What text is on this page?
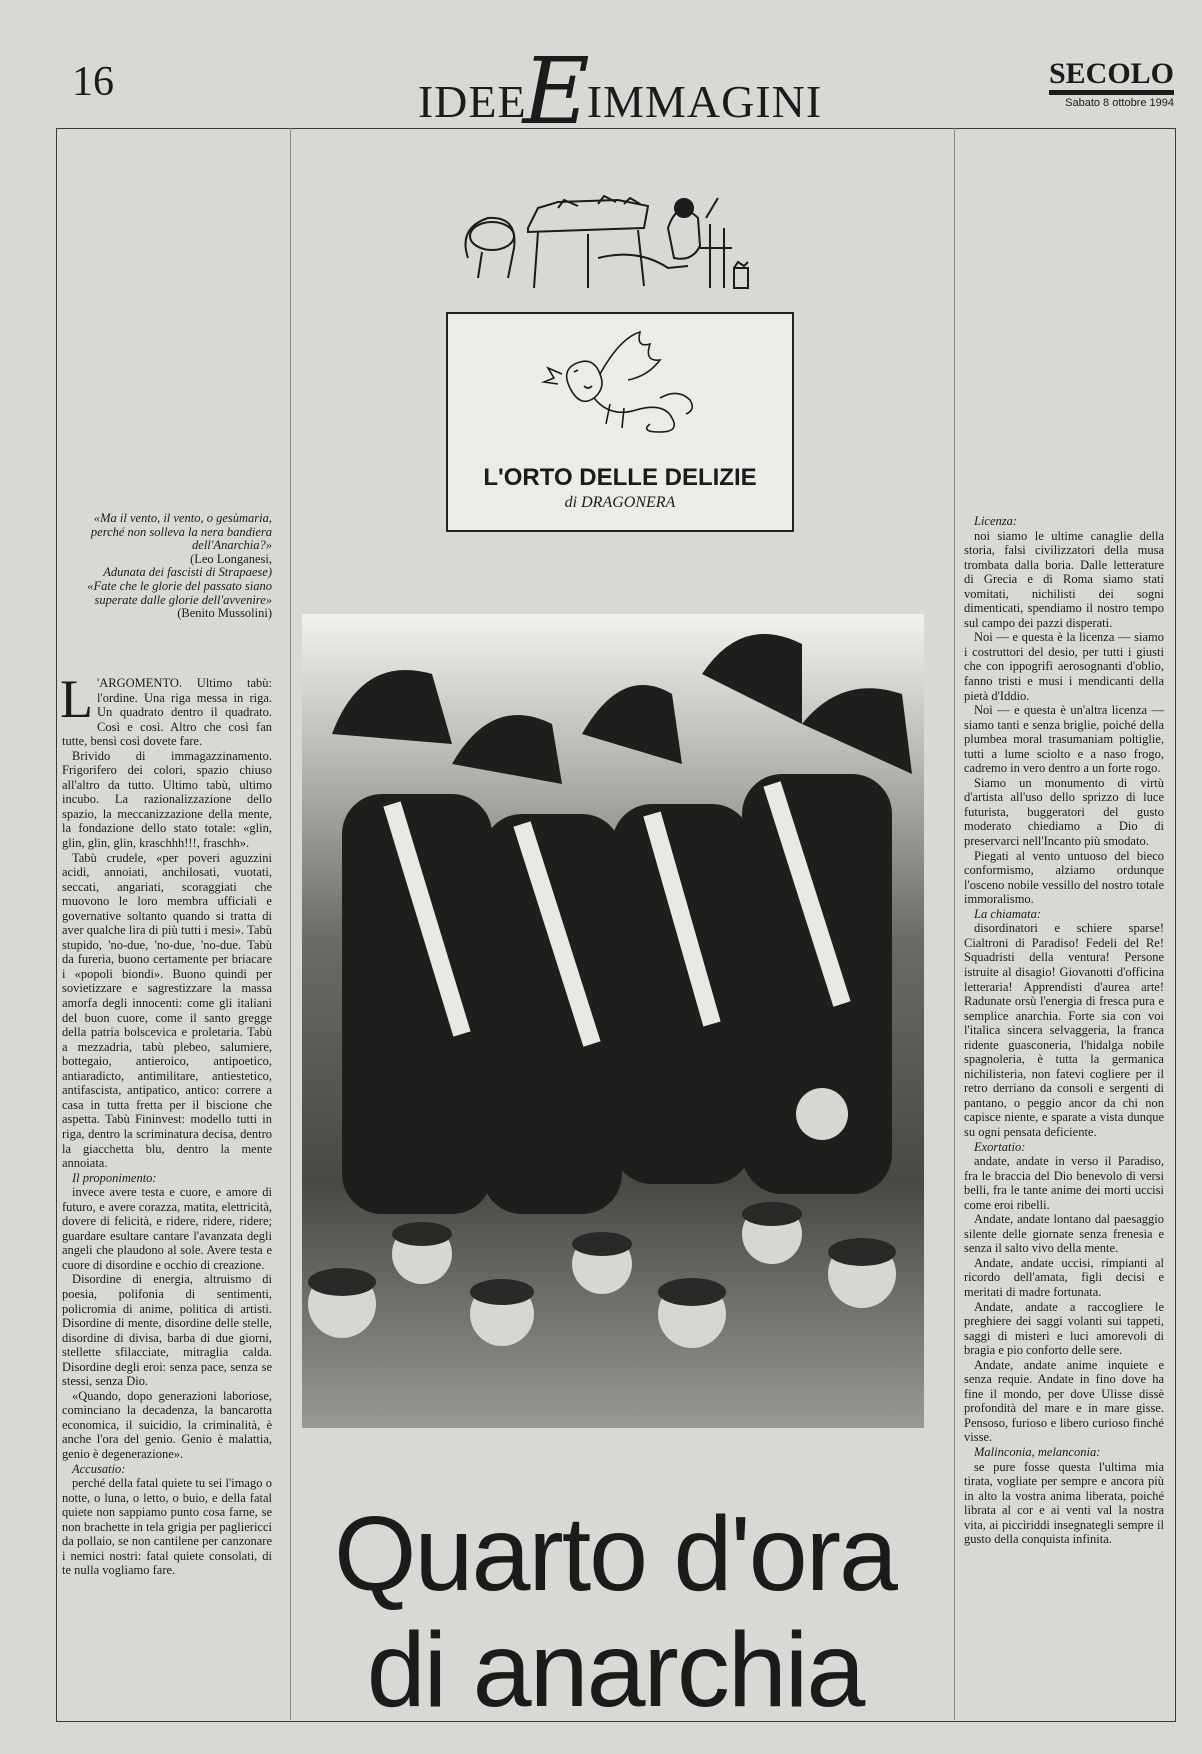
16	IDEEEIMMAGINI
SECOLO
Sabato 8 ottobre 1994
L'ORTO DELLE DELIZIE
di DRAGONERA
«Ma il vento, il vento, o gesùmaria, perché non solleva la nera bandiera dell'Anarchia?»
(Leo Longanesi,
Adunata dei fascisti di Strapaese)
«Fate che le glorie del passato siano superate dalle glorie dell'avvenire»
(Benito Mussolini)

L 'ARGOMENTO. Ultimo tabù: l'ordine. Una riga messa in riga. Un quadrato dentro il quadrato. Così e così. Altro che così fan tutte, bensì così dovete fare.

Brivido di immagazzinamento. Frigorifero dei colori, spazio chiuso all'altro da tutto. Ultimo tabù, ultimo incubo. La razionalizzazione dello spazio, la meccanizzazione della mente, la fondazione dello stato totale: «glin, glin, glin, glin, kraschhh!!!, fraschh».

Tabù crudele, «per poveri aguzzini acidi, annoiati, anchilosati, vuotati, seccati, angariati, scoraggiati che muovono le loro membra ufficiali e governative soltanto quando si tratta di aver qualche lira di più tutti i mesi». Tabù stupido, 'no-due, 'no-due, 'no-due. Tabù da fureria, buono certamente per briacare i «popoli biondi». Buono quindi per sovietizzare e sagrestizzare la massa amorfa degli innocenti: come gli italiani del buon cuore, come il santo gregge della patria bolscevica e proletaria. Tabù a mezzadria, tabù plebeo, salumiere, bottegaio, antieroico, antipoetico, antiaradicto, antimilitare, antiestetico, antifascista, antipatico, antico: correre a casa in tutta fretta per il biscione che aspetta. Tabù Fininvest: modello tutti in riga, dentro la scriminatura decisa, dentro la giacchetta blu, dentro la mente annoiata.

Il proponimento:

invece avere testa e cuore, e amore di futuro, e avere corazza, matita, elettricità, dovere di felicità, e ridere, ridere, ridere; guardare esultare cantare l'avanzata degli angeli che plaudono al sole. Avere testa e cuore di disordine e occhio di creazione.

Disordine di energia, altruismo di poesia, polifonia di sentimenti, policromia di anime, politica di artisti. Disordine di mente, disordine delle stelle, disordine di divisa, barba di due giorni, stellette sfilacciate, mitraglia calda. Disordine degli eroi: senza pace, senza se stessi, senza Dio.

«Quando, dopo generazioni laboriose, cominciano la decadenza, la bancarotta economica, il suicidio, la criminalità, è anche l'ora del genio. Genio è malattia, genio è degenerazione».

Accusatio:

perché della fatal quiete tu sei l'imago o notte, o luna, o letto, o buio, e della fatal quiete non sappiamo punto cosa farne, se non brachette in tela grigia per pagliericci da pollaio, se non cantilene per canzonare i nemici nostri: fatal quiete consolati, di te nulla vogliamo fare.

Licenza:

noi siamo le ultime canaglie della storia, falsi civilizzatori della musa trombata dalla boria. Dalle letterature di Grecia e di Roma siamo stati vomitati, nichilisti dei sogni dimenticati, spendiamo il nostro tempo sul campo dei pazzi disperati.

Noi — e questa è la licenza — siamo i costruttori del desio, per tutti i giusti che con ippogrifi aerosognanti d'oblio, fanno tristi e musi i mendicanti della pietà d'Iddio.

Noi — e questa è un'altra licenza — siamo tanti e senza briglie, poiché della plumbea moral trasumaniam poltiglie, tutti a lume sciolto e a naso frogo, cadremo in vero dentro a un forte rogo.

Siamo un monumento di virtù d'artista all'uso dello sprizzo di luce futurista, buggeratori del gusto moderato chiediamo a Dio di preservarci nell'Incanto più smodato.

Piegati al vento untuoso del bieco conformismo, alziamo ordunque l'osceno nobile vessillo del nostro totale immoralismo.

La chiamata:

disordinatori e schiere sparse! Cialtroni di Paradiso! Fedeli del Re! Squadristi della ventura! Persone istruite al disagio! Giovanotti d'officina letteraria! Apprendisti d'aurea arte! Radunate orsù l'energia di fresca pura e semplice anarchia. Forte sia con voi l'italica sincera selvaggeria, la franca ridente guasconeria, l'hidalga nobile spagnoleria, è tutta la germanica nichilisteria, non fatevi cogliere per il retro derriano da consoli e sergenti di pantano, o peggio ancor da chi non capisce niente, e sparate a vista dunque su ogni pensata deficiente.

Exortatio:

andate, andate in verso il Paradiso, fra le braccia del Dio benevolo di versi belli, fra le tante anime dei morti uccisi come eroi ribelli.

Andate, andate lontano dal paesaggio silente delle giornate senza frenesia e senza il salto vivo della mente.

Andate, andate uccisi, rimpianti al ricordo dell'amata, figli decisi e meritati di madre fortunata.

Andate, andate a raccogliere le preghiere dei saggi volanti sui tappeti, saggi di misteri e luci amorevoli di bragia e pio conforto delle sere.

Andate, andate anime inquiete e senza requie. Andate in fino dove ha fine il mondo, per dove Ulisse dissè profondità del mare e in mare gisse. Pensoso, furioso e libero curioso finché visse.

Malinconia, melanconia:

se pure fosse questa l'ultima mia tirata, vogliate per sempre e ancora più in alto la vostra anima liberata, poiché librata al cor e ai venti val la nostra vita, ai piccìriddi insegnategli sempre il gusto della conquista infinita.

Quarto d'ora
di anarchia
